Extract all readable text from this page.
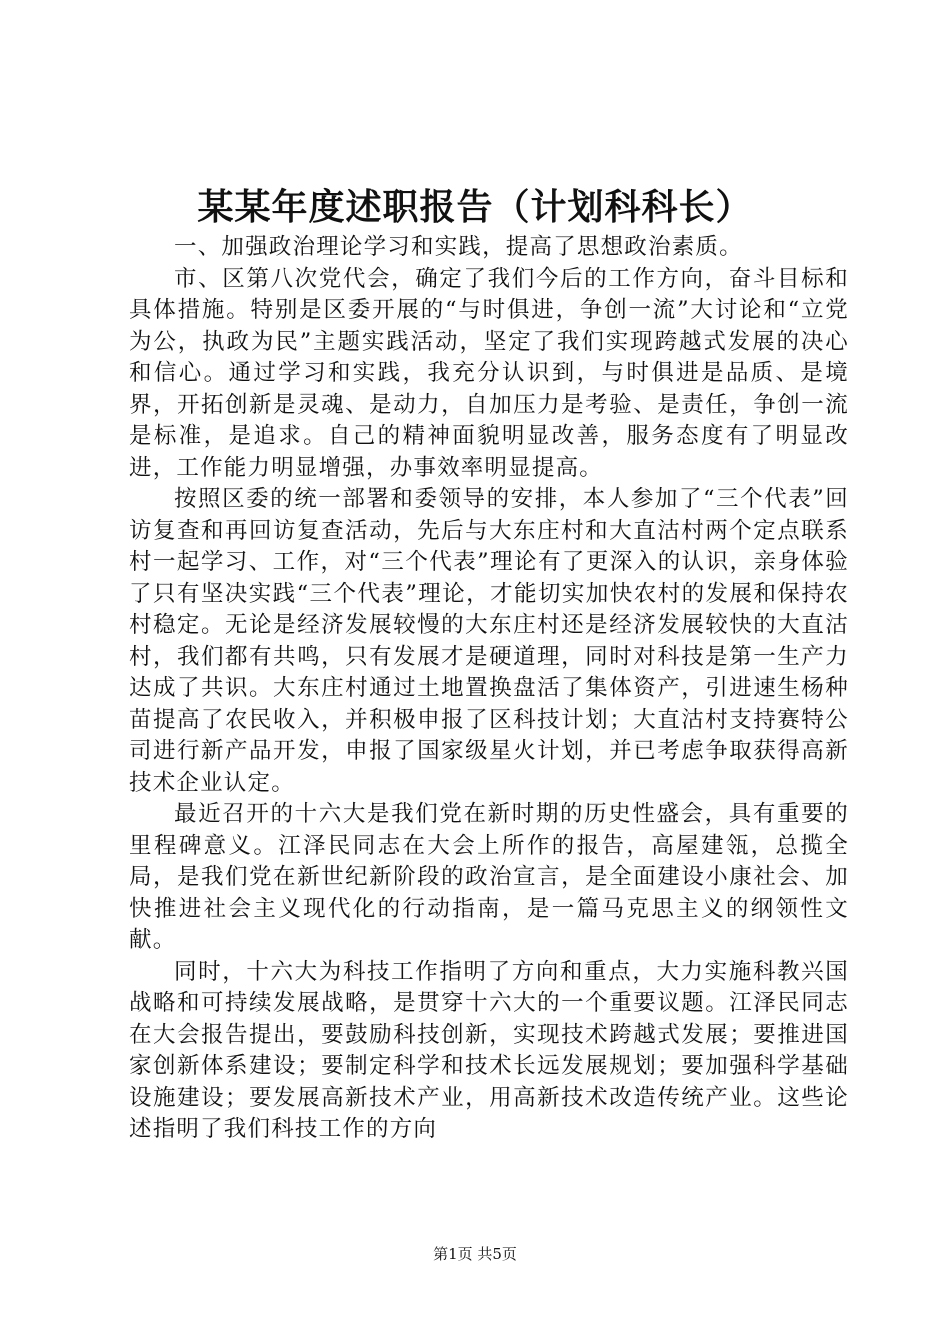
某某年度述职报告（计划科科长）

一、加强政治理论学习和实践，提高了思想政治素质。

市、区第八次党代会，确定了我们今后的工作方向，奋斗目标和具体措施。特别是区委开展的“与时俱进，争创一流”大讨论和“立党为公，执政为民”主题实践活动，坚定了我们实现跨越式发展的决心和信心。通过学习和实践，我充分认识到，与时俱进是品质、是境界，开拓创新是灵魂、是动力，自加压力是考验、是责任，争创一流是标准，是追求。自己的精神面貌明显改善，服务态度有了明显改进，工作能力明显增强，办事效率明显提高。

按照区委的统一部署和委领导的安排，本人参加了“三个代表”回访复查和再回访复查活动，先后与大东庄村和大直沽村两个定点联系村一起学习、工作，对“三个代表”理论有了更深入的认识，亲身体验了只有坚决实践“三个代表”理论，才能切实加快农村的发展和保持农村稳定。无论是经济发展较慢的大东庄村还是经济发展较快的大直沽村，我们都有共鸣，只有发展才是硬道理，同时对科技是第一生产力达成了共识。大东庄村通过土地置换盘活了集体资产，引进速生杨种苗提高了农民收入，并积极申报了区科技计划；大直沽村支持赛特公司进行新产品开发，申报了国家级星火计划，并已考虑争取获得高新技术企业认定。

最近召开的十六大是我们党在新时期的历史性盛会，具有重要的里程碑意义。江泽民同志在大会上所作的报告，高屋建瓴，总揽全局，是我们党在新世纪新阶段的政治宣言，是全面建设小康社会、加快推进社会主义现代化的行动指南，是一篇马克思主义的纲领性文献。

同时，十六大为科技工作指明了方向和重点，大力实施科教兴国战略和可持续发展战略，是贯穿十六大的一个重要议题。江泽民同志在大会报告提出，要鼓励科技创新，实现技术跨越式发展；要推进国家创新体系建设；要制定科学和技术长远发展规划；要加强科学基础设施建设；要发展高新技术产业，用高新技术改造传统产业。这些论述指明了我们科技工作的方向

第1页 共5页
